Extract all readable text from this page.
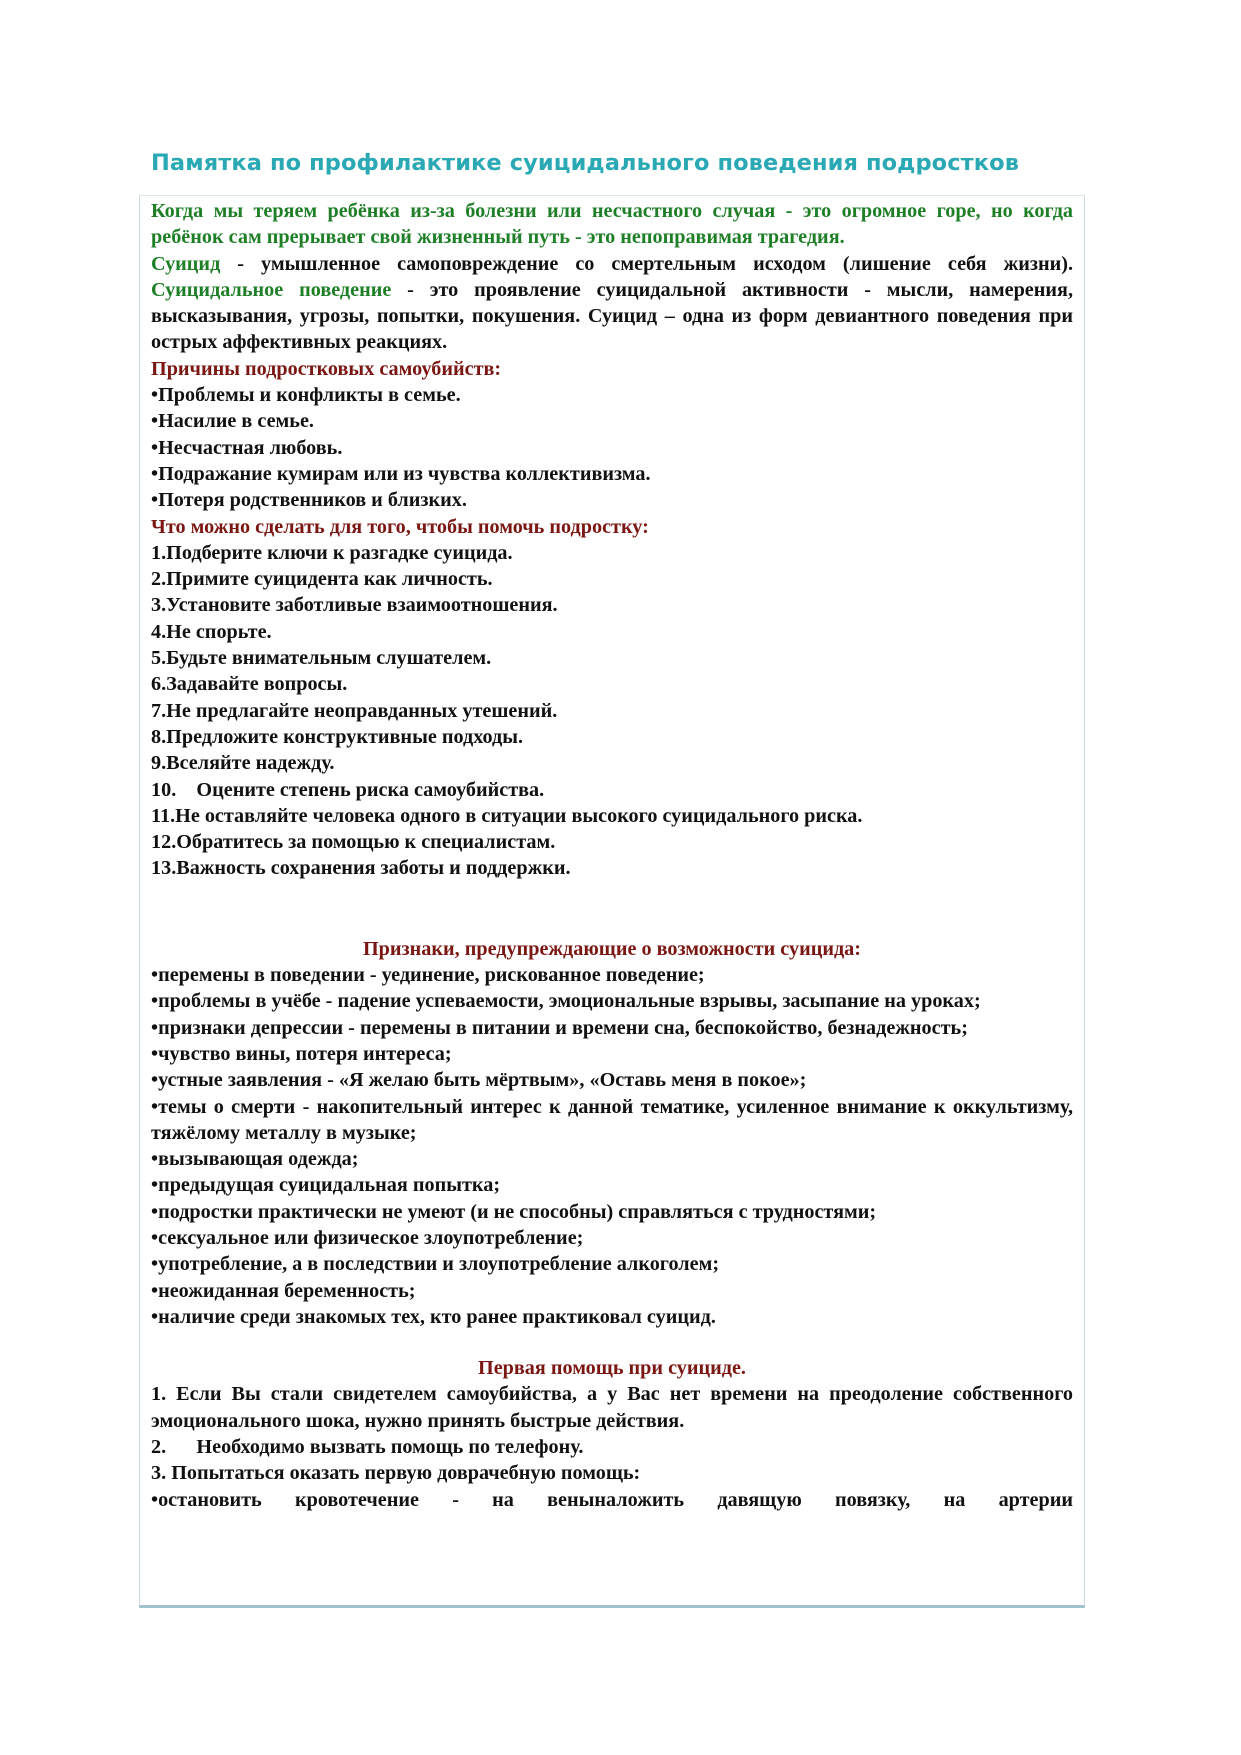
Памятка по профилактике суицидального поведения подростков

Когда мы теряем ребёнка из-за болезни или несчастного случая - это огромное горе, но когда ребёнок сам прерывает свой жизненный путь - это непоправимая трагедия.

Суицид - умышленное самоповреждение со смертельным исходом (лишение себя жизни). Суицидальное поведение - это проявление суицидальной активности - мысли, намерения, высказывания, угрозы, попытки, покушения. Суицид – одна из форм девиантного поведения при острых аффективных реакциях.

Причины подростковых самоубийств:

•Проблемы и конфликты в семье.

•Насилие в семье.

•Несчастная любовь.

•Подражание кумирам или из чувства коллективизма.

•Потеря родственников и близких.

Что можно сделать для того, чтобы помочь подростку:

1.Подберите ключи к разгадке суицида.

2.Примите суицидента как личность.

3.Установите заботливые взаимоотношения.

4.Не спорьте.

5.Будьте внимательным слушателем.

6.Задавайте вопросы.

7.Не предлагайте неоправданных утешений.

8.Предложите конструктивные подходы.

9.Вселяйте надежду.

10.    Оцените степень риска самоубийства.

11.Не оставляйте человека одного в ситуации высокого суицидального риска.

12.Обратитесь за помощью к специалистам.

13.Важность сохранения заботы и поддержки.

Признаки, предупреждающие о возможности суицида:

•перемены в поведении - уединение, рискованное поведение;

•проблемы в учёбе - падение успеваемости, эмоциональные взрывы, засыпание на уроках;

•признаки депрессии - перемены в питании и времени сна, беспокойство, безнадежность;

•чувство вины, потеря интереса;

•устные заявления - «Я желаю быть мёртвым», «Оставь меня в покое»;

•темы о смерти - накопительный интерес к данной тематике, усиленное внимание к оккультизму, тяжёлому металлу в музыке;

•вызывающая одежда;

•предыдущая суицидальная попытка;

•подростки практически не умеют (и не способны) справляться с трудностями;

•сексуальное или физическое злоупотребление;

•употребление, а в последствии и злоупотребление алкоголем;

•неожиданная беременность;

•наличие среди знакомых тех, кто ранее практиковал суицид.

Первая помощь при суициде.

1. Если Вы стали свидетелем самоубийства, а у Вас нет времени на преодоление собственного эмоционального шока, нужно принять быстрые действия.

2.      Необходимо вызвать помощь по телефону.

3. Попытаться оказать первую доврачебную помощь:

•остановить кровотечение - на веныналожить давящую повязку, на артерии
